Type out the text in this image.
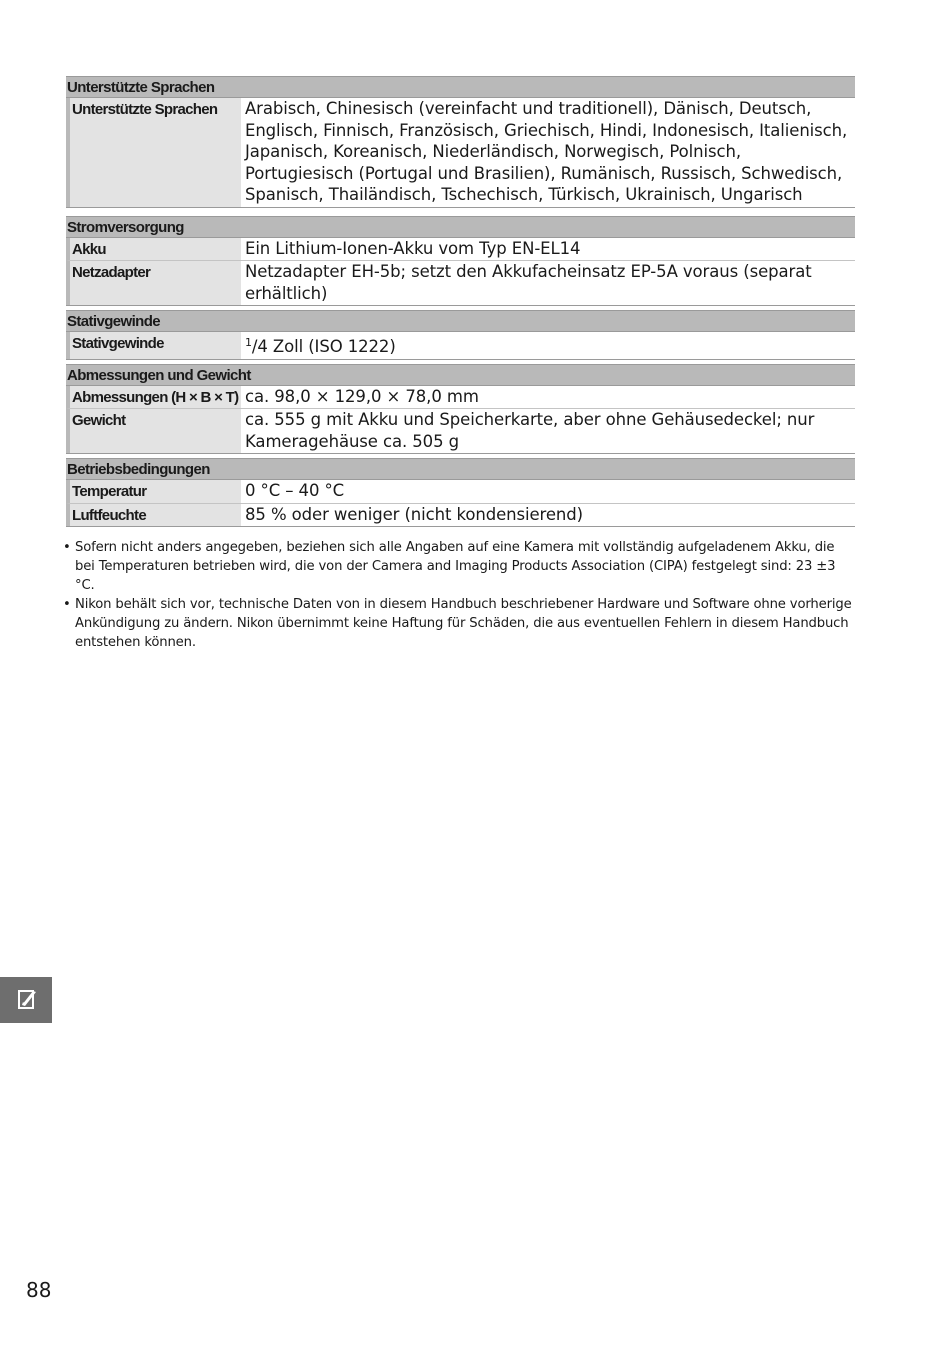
Unterstützte Sprachen
Unterstützte Sprachen	Arabisch, Chinesisch (vereinfacht und traditionell), Dänisch, Deutsch, Englisch, Finnisch, Französisch, Griechisch, Hindi, Indonesisch, Italienisch, Japanisch, Koreanisch, Niederländisch, Norwegisch, Polnisch, Portugiesisch (Portugal und Brasilien), Rumänisch, Russisch, Schwedisch, Spanisch, Thailändisch, Tschechisch, Türkisch, Ukrainisch, Ungarisch
Stromversorgung
Akku	Ein Lithium-Ionen-Akku vom Typ EN-EL14
Netzadapter	Netzadapter EH-5b; setzt den Akkufacheinsatz EP-5A voraus (separat erhältlich)
Stativgewinde
Stativgewinde	$^1$/4 Zoll (ISO 1222)
Abmessungen und Gewicht
Abmessungen (H × B × T) ca. 98,0 × 129,0 × 78,0 mm
Gewicht	ca. 555 g mit Akku und Speicherkarte, aber ohne Gehäusedeckel; nur Kameragehäuse ca. 505 g
Betriebsbedingungen
Temperatur	0 °C – 40 °C
Luftfeuchte	85 % oder weniger (nicht kondensierend)
• Sofern nicht anders angegeben, beziehen sich alle Angaben auf eine Kamera mit vollständig aufgeladenem Akku, die bei Temperaturen betrieben wird, die von der Camera and Imaging Products Association (CIPA) festgelegt sind: 23 ±3 °C.
• Nikon behält sich vor, technische Daten von in diesem Handbuch beschriebener Hardware und Software ohne vorherige Ankündigung zu ändern. Nikon übernimmt keine Haftung für Schäden, die aus eventuellen Fehlern in diesem Handbuch entstehen können.
88
